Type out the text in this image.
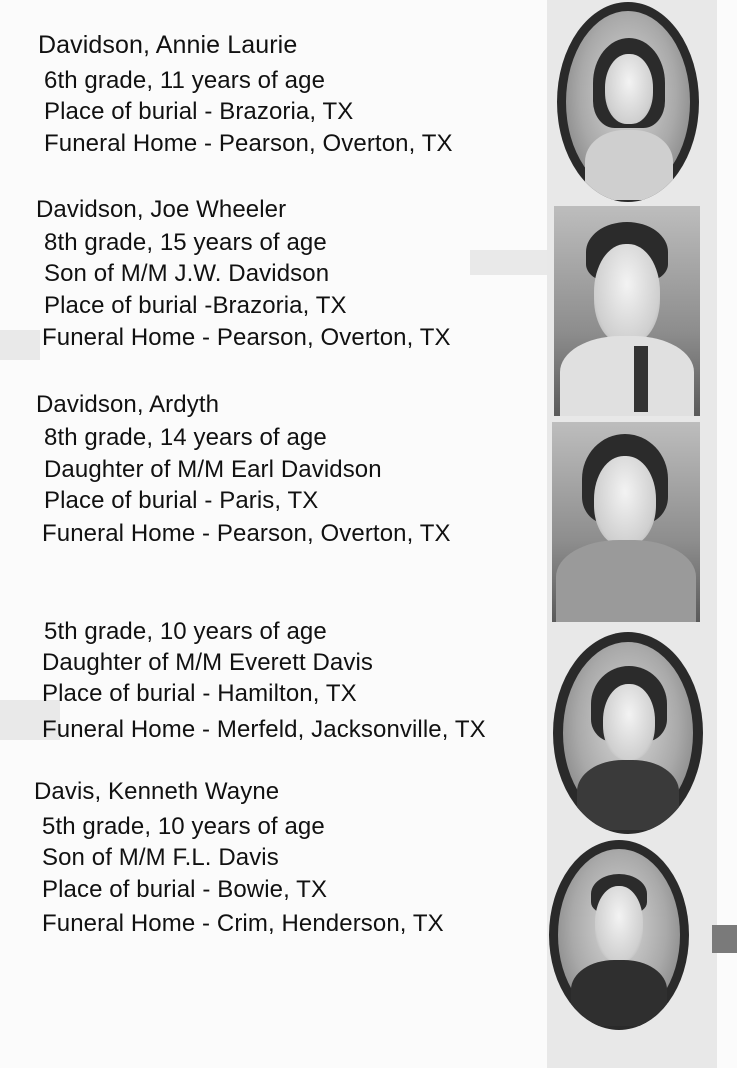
Davidson, Annie Laurie
6th grade, 11 years of age
Place of burial - Brazoria, TX
Funeral Home - Pearson, Overton, TX
Davidson, Joe Wheeler
8th grade, 15 years of age
Son of M/M J.W. Davidson
Place of burial -Brazoria, TX
Funeral Home - Pearson, Overton, TX
Davidson, Ardyth
8th grade, 14 years of age
Daughter of M/M Earl Davidson
Place of burial - Paris, TX
Funeral Home - Pearson, Overton, TX
5th grade, 10 years of age
Daughter of M/M Everett Davis
Place of burial - Hamilton, TX
Funeral Home - Merfeld, Jacksonville, TX
Davis, Kenneth Wayne
5th grade, 10 years of age
Son of M/M F.L. Davis
Place of burial - Bowie, TX
Funeral Home - Crim, Henderson, TX
